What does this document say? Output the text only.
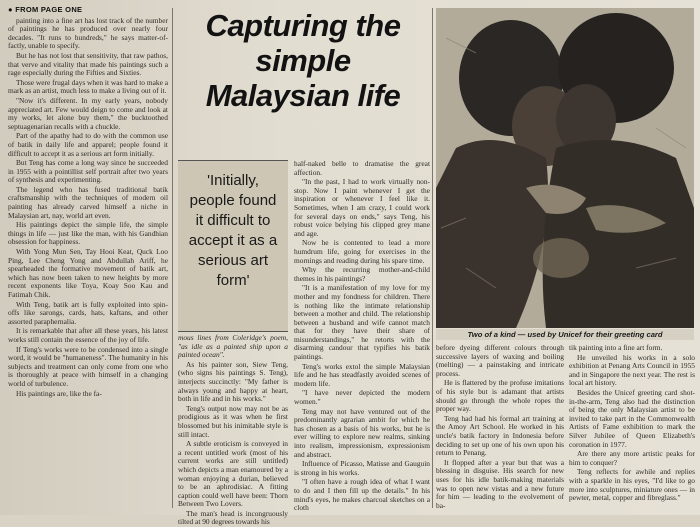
● FROM PAGE ONE

painting into a fine art has lost track of the number of paintings he has produced over nearly four decades. "It runs to hundreds," he says matter-of-factly, unable to specify.

But he has not lost that sensitivity, that raw pathos, that verve and vitality that made his paintings such a rage especially during the Fifties and Sixties.

Those were frugal days when it was hard to make a mark as an artist, much less to make a living out of it.

"Now it's different. In my early years, nobody appreciated art. Few would deign to come and look at my works, let alone buy them," the bucktoothed septuagenarian recalls with a chuckle.

Part of the apathy had to do with the common use of batik in daily life and apparel; people found it difficult to accept it as a serious art form initially.

But Teng has come a long way since he succeeded in 1955 with a pointillist self portrait after two years of synthesis and experimenting.

The legend who has fused traditional batik craftsmanship with the techniques of modern oil painting has already carved himself a niche in Malaysian art, nay, world art even.

His paintings depict the simple life, the simple things in life — just like the man, with his Gandhian obsession for happiness.

With Yong Mun Sen, Tay Hooi Keat, Quck Loo Ping, Lee Cheng Yong and Abdullah Ariff, he spearheaded the formative movement of batik art, which has now been taken to new heights by more recent exponents like Toya, Koay Soo Kau and Fatimah Chik.

With Teng, batik art is fully exploited into spin-offs like sarongs, cards, hats, kaftans, and other assorted paraphernalia.

It is remarkable that after all these years, his latest works still contain the essence of the joy of life.

If Teng's works were to be condensed into a single word, it would be "humaneness". The humanity in his subjects and treatment can only come from one who is thoroughly at peace with himself in a changing world of turbulence.

His paintings are, like the fa-

Capturing the
simple
Malaysian life

'Initially, people found it difficult to accept it as a serious art form'

mous lines from Coleridge's poem, "as idle as a painted ship upon a painted ocean".

As his painter son, Siew Teng, (who signs his paintings S. Teng), interjects succinctly: "My father is always young and happy at heart, both in life and in his works."

Teng's output now may not be as prodigious as it was when he first blossomed but his inimitable style is still intact.

A subtle eroticism is conveyed in a recent untitled work (most of his current works are still untitled) which depicts a man enamoured by a woman enjoying a durian, believed to be an aphrodisiac. A fitting caption could well have been: Thorn Between Two Lovers.

The man's head is incongruously tilted at 90 degrees towards his

half-naked belle to dramatise the great affection.

"In the past, I had to work virtually non-stop. Now I paint whenever I get the inspiration or whenever I feel like it. Sometimes, when I am crazy, I could work for several days on ends," says Teng, his robust voice belying his clipped grey mane and age.

Now he is contented to lead a more humdrum life, going for exercises in the mornings and reading during his spare time.

Why the recurring mother-and-child themes in his paintings?

"It is a manifestation of my love for my mother and my fondness for children. There is nothing like the intimate relationship between a mother and child. The relationship between a husband and wife cannot match that for they have their share of misunderstandings," he retorts with the disarming candour that typifies his batik paintings.

Teng's works extol the simple Malaysian life and he has steadfastly avoided scenes of modern life.

"I have never depicted the modern women."

Teng may not have ventured out of the predominantly agrarian ambit for which he has chosen as a basis of his works, but he is ever willing to explore new realms, sinking into realism, impressionism, expressionism and abstract.

Influence of Picasso, Matisse and Gauguin is strong in his works.

"I often have a rough idea of what I want to do and I then fill up the details." In his mind's eyes, he makes charcoal sketches on a cloth

Two of a kind — used by Unicef for their greeting card

before dyeing different colours through successive layers of waxing and boiling (melting) — a painstaking and intricate process.

He is flattered by the profuse imitations of his style but is adamant that artists should go through the whole ropes the proper way.

Teng had had his formal art training at the Amoy Art School. He worked in his uncle's batik factory in Indonesia before deciding to set up one of his own upon his return to Penang.

It flopped after a year but that was a blessing in disguise. His search for new uses for his idle batik-making materials was to open new vistas and a new future for him — leading to the evolvement of ba-

tik painting into a fine art form.

He unveiled his works in a solo exhibition at Penang Arts Council in 1955 and in Singapore the next year. The rest is local art history.

Besides the Unicef greeting card shot-in-the-arm, Teng also had the distinction of being the only Malaysian artist to be invited to take part in the Commonwealth Artists of Fame exhibition to mark the Silver Jubilee of Queen Elizabeth's coronation in 1977.

Are there any more artistic peaks for him to conquer?

Teng reflects for awhile and replies with a sparkle in his eyes, "I'd like to go more into sculptures, miniature ones — in pewter, metal, copper and fibreglass."
